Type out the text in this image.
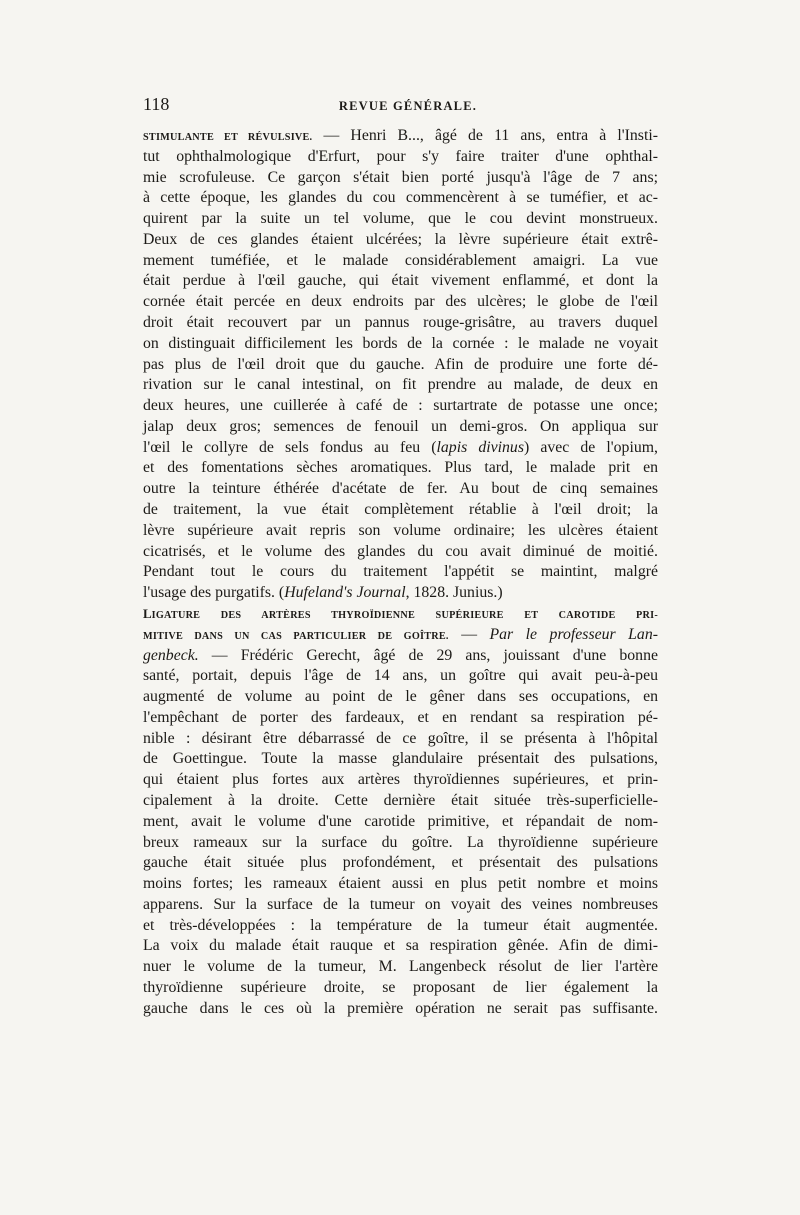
118	REVUE GÉNÉRALE.
STIMULANTE ET RÉVULSIVE. — Henri B..., âgé de 11 ans, entra à l'Insti-
tut ophthalmologique d'Erfurt, pour s'y faire traiter d'une ophthal-
mie scrofuleuse. Ce garçon s'était bien porté jusqu'à l'âge de 7 ans;
à cette époque, les glandes du cou commencèrent à se tuméfier, et ac-
quirent par la suite un tel volume, que le cou devint monstrueux.
Deux de ces glandes étaient ulcérées; la lèvre supérieure était extrê-
mement tuméfiée, et le malade considérablement amaigri. La vue
était perdue à l'œil gauche, qui était vivement enflammé, et dont la
cornée était percée en deux endroits par des ulcères; le globe de l'œil
droit était recouvert par un pannus rouge-grisâtre, au travers duquel
on distinguait difficilement les bords de la cornée : le malade ne voyait
pas plus de l'œil droit que du gauche. Afin de produire une forte dé-
rivation sur le canal intestinal, on fit prendre au malade, de deux en
deux heures, une cuillerée à café de : surtartrate de potasse une once;
jalap deux gros; semences de fenouil un demi-gros. On appliqua sur
l'œil le collyre de sels fondus au feu (lapis divinus) avec de l'opium,
et des fomentations sèches aromatiques. Plus tard, le malade prit en
outre la teinture éthérée d'acétate de fer. Au bout de cinq semaines
de traitement, la vue était complètement rétablie à l'œil droit; la
lèvre supérieure avait repris son volume ordinaire; les ulcères étaient
cicatrisés, et le volume des glandes du cou avait diminué de moitié.
Pendant tout le cours du traitement l'appétit se maintint, malgré
l'usage des purgatifs. (Hufeland's Journal, 1828. Junius.)
LIGATURE DES ARTÈRES THYROÏDIENNE SUPÉRIEURE ET CAROTIDE PRI-
MITIVE DANS UN CAS PARTICULIER DE GOÎTRE. — Par le professeur Lan-
genbeck. — Frédéric Gerecht, âgé de 29 ans, jouissant d'une bonne
santé, portait, depuis l'âge de 14 ans, un goître qui avait peu-à-peu
augmenté de volume au point de le gêner dans ses occupations, en
l'empêchant de porter des fardeaux, et en rendant sa respiration pé-
nible : désirant être débarrassé de ce goître, il se présenta à l'hôpital
de Goettingue. Toute la masse glandulaire présentait des pulsations,
qui étaient plus fortes aux artères thyroïdiennes supérieures, et prin-
cipalement à la droite. Cette dernière était située très-superficielle-
ment, avait le volume d'une carotide primitive, et répandait de nom-
breux rameaux sur la surface du goître. La thyroïdienne supérieure
gauche était située plus profondément, et présentait des pulsations
moins fortes; les rameaux étaient aussi en plus petit nombre et moins
apparens. Sur la surface de la tumeur on voyait des veines nombreuses
et très-développées : la température de la tumeur était augmentée.
La voix du malade était rauque et sa respiration gênée. Afin de dimi-
nuer le volume de la tumeur, M. Langenbeck résolut de lier l'artère
thyroïdienne supérieure droite, se proposant de lier également la
gauche dans le ces où la première opération ne serait pas suffisante.
